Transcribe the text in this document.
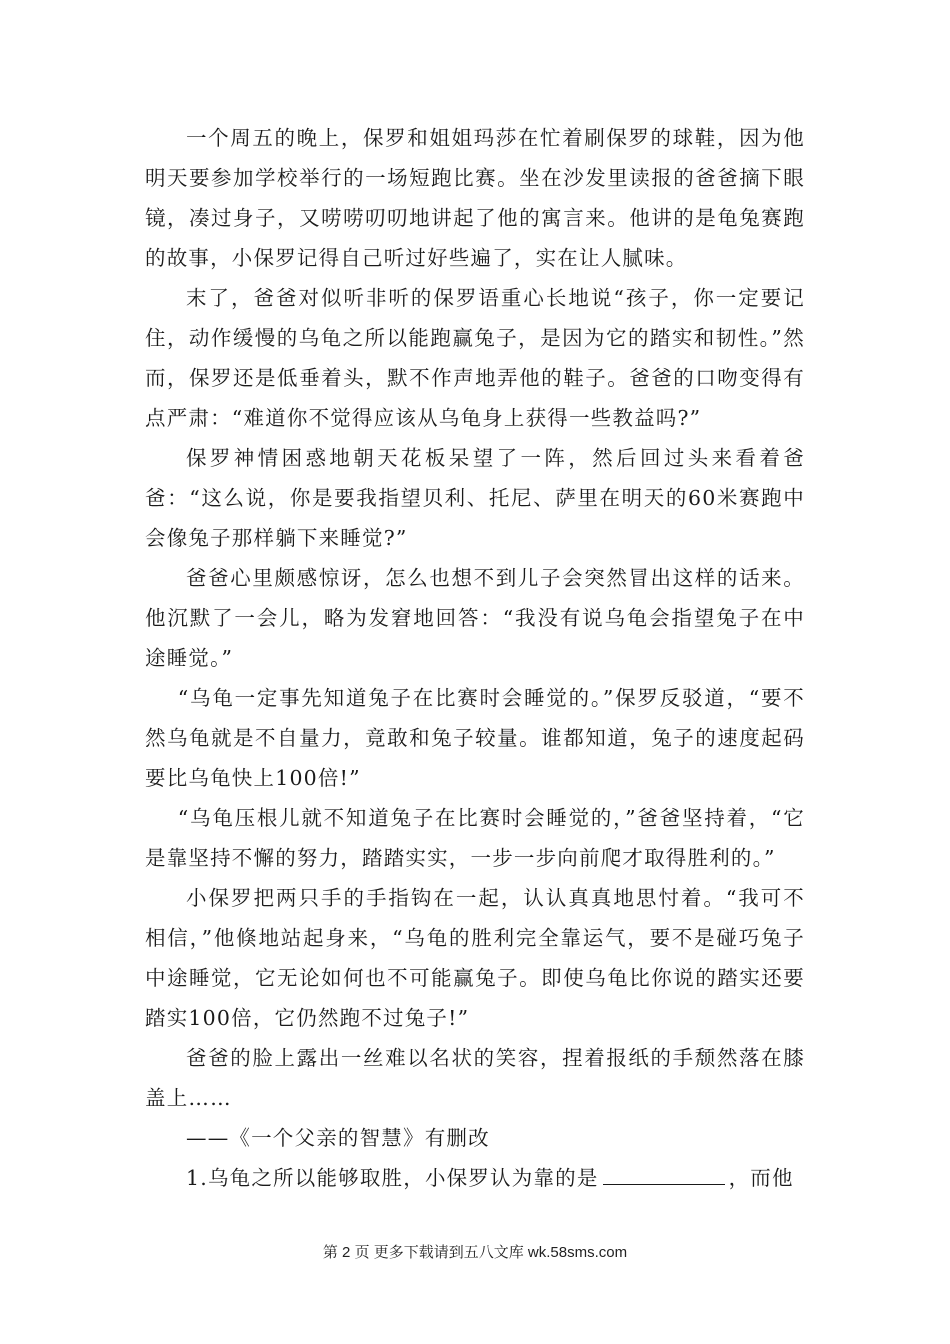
一个周五的晚上，保罗和姐姐玛莎在忙着刷保罗的球鞋，因为他明天要参加学校举行的一场短跑比赛。坐在沙发里读报的爸爸摘下眼镜，凑过身子，又唠唠叨叨地讲起了他的寓言来。他讲的是龟兔赛跑的故事，小保罗记得自己听过好些遍了，实在让人腻味。

末了，爸爸对似听非听的保罗语重心长地说“孩子，你一定要记住，动作缓慢的乌龟之所以能跑赢兔子，是因为它的踏实和韧性。”然而，保罗还是低垂着头，默不作声地弄他的鞋子。爸爸的口吻变得有点严肃：“难道你不觉得应该从乌龟身上获得一些教益吗?”

保罗神情困惑地朝天花板呆望了一阵，然后回过头来看着爸爸：“这么说，你是要我指望贝利、托尼、萨里在明天的60米赛跑中会像兔子那样躺下来睡觉?”

爸爸心里颇感惊讶，怎么也想不到儿子会突然冒出这样的话来。他沉默了一会儿，略为发窘地回答：“我没有说乌龟会指望兔子在中途睡觉。”

“乌龟一定事先知道兔子在比赛时会睡觉的。”保罗反驳道，“要不然乌龟就是不自量力，竟敢和兔子较量。谁都知道，兔子的速度起码要比乌龟快上100倍!”

“乌龟压根儿就不知道兔子在比赛时会睡觉的，”爸爸坚持着，“它是靠坚持不懈的努力，踏踏实实，一步一步向前爬才取得胜利的。”

小保罗把两只手的手指钩在一起，认认真真地思忖着。“我可不相信，”他倏地站起身来，“乌龟的胜利完全靠运气，要不是碰巧兔子中途睡觉，它无论如何也不可能赢兔子。即使乌龟比你说的踏实还要踏实100倍，它仍然跑不过兔子!”

爸爸的脸上露出一丝难以名状的笑容，捏着报纸的手颓然落在膝盖上……

——《一个父亲的智慧》有删改

1.乌龟之所以能够取胜，小保罗认为靠的是	，而他

第 2 页 更多下载请到五八文库 wk.58sms.com
